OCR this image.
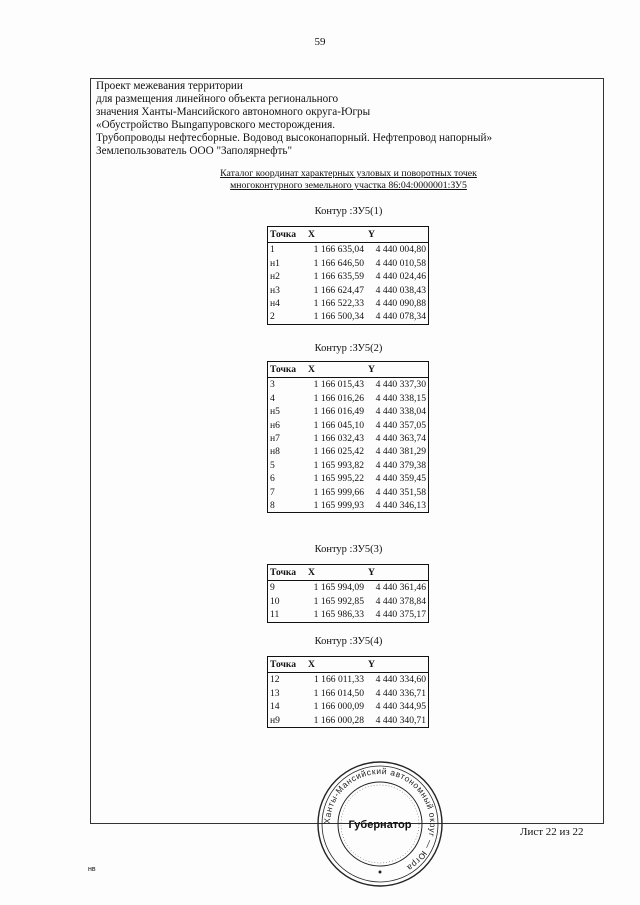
59
Проект межевания территории
для размещения линейного объекта регионального
значения Ханты-Мансийского автономного округа-Югры
«Обустройство Выngапуровского месторождения.
Трубопроводы нефтесборные. Водовод высоконапорный. Нефтепровод напорный»
Землепользователь ООО "Заполярнефть"
Каталог координат характерных узловых и поворотных точек
многоконтурного земельного участка 86:04:0000001:ЗУ5
Контур :ЗУ5(1)
Точка	X	Y
1	1 166 635,04	4 440 004,80
н1	1 166 646,50	4 440 010,58
н2	1 166 635,59	4 440 024,46
н3	1 166 624,47	4 440 038,43
н4	1 166 522,33	4 440 090,88
2	1 166 500,34	4 440 078,34
Контур :ЗУ5(2)
Точка	X	Y
3	1 166 015,43	4 440 337,30
4	1 166 016,26	4 440 338,15
н5	1 166 016,49	4 440 338,04
н6	1 166 045,10	4 440 357,05
н7	1 166 032,43	4 440 363,74
н8	1 166 025,42	4 440 381,29
5	1 165 993,82	4 440 379,38
6	1 165 995,22	4 440 359,45
7	1 165 999,66	4 440 351,58
8	1 165 999,93	4 440 346,13
Контур :ЗУ5(3)
Точка	X	Y
9	1 165 994,09	4 440 361,46
10	1 165 992,85	4 440 378,84
11	1 165 986,33	4 440 375,17
Контур :ЗУ5(4)
Точка	X	Y
12	1 166 011,33	4 440 334,60
13	1 166 014,50	4 440 336,71
14	1 166 000,09	4 440 344,95
н9	1 166 000,28	4 440 340,71
Ханты-Мансийский автономный округ — Югра
Губернатор
Лист 22 из 22
нв
